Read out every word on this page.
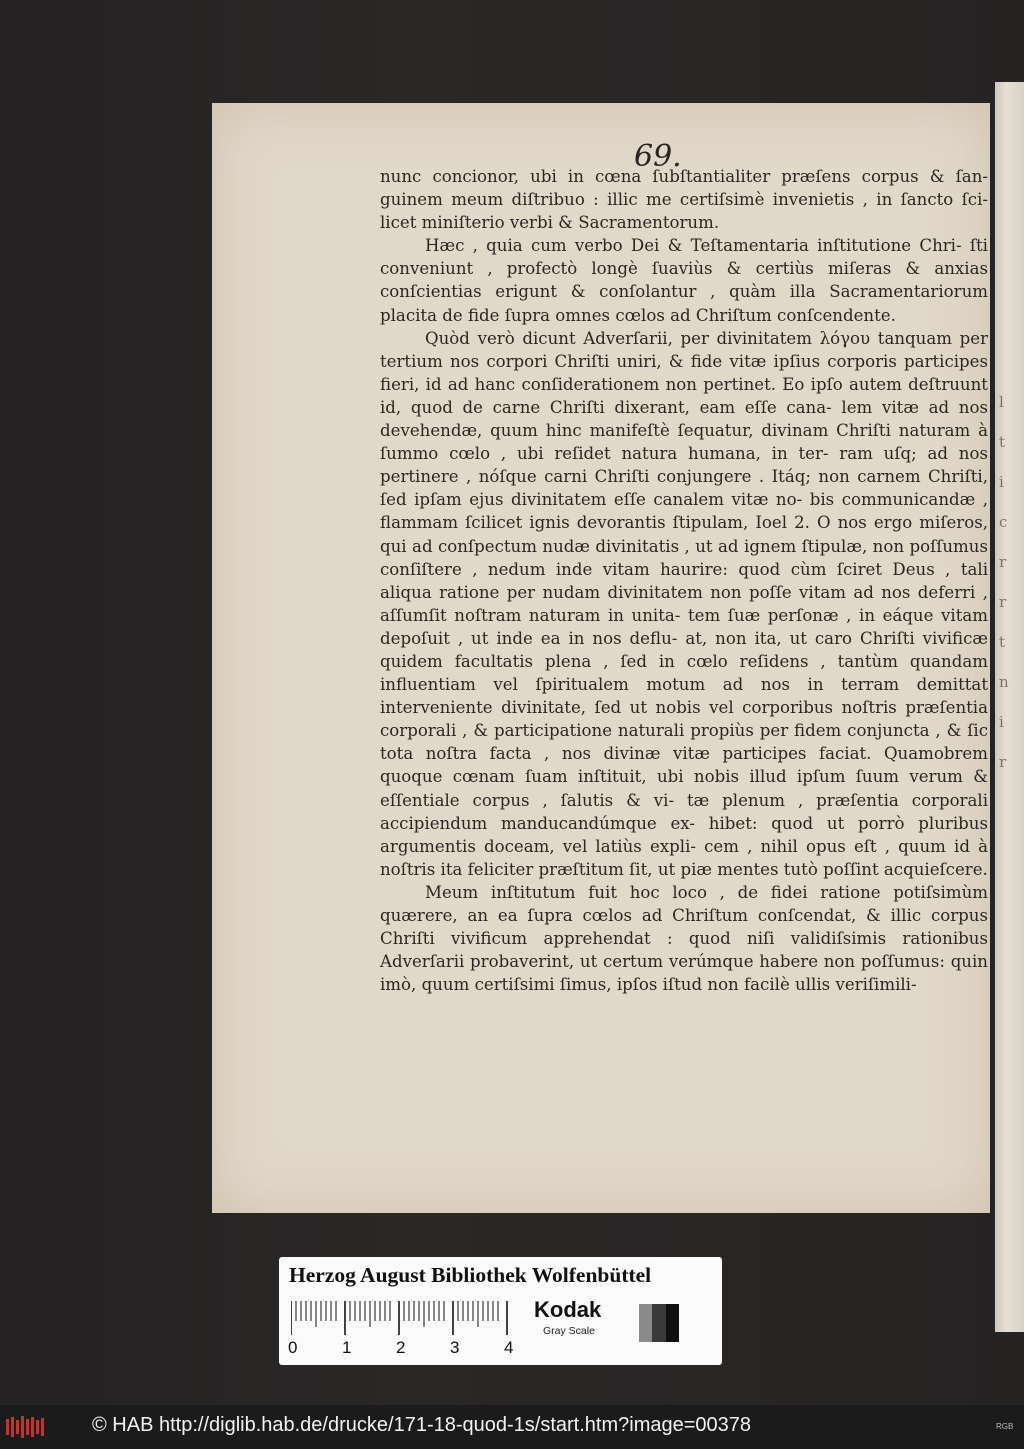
l
t
i
c
r
r
t
n
i
r
69.

nunc concionor, ubi in cœna ſubſtantialiter præſens corpus & ſan- guinem meum diſtribuo : illic me certiſsimè invenietis , in ſancto ſci- licet miniſterio verbi & Sacramentorum.

Hæc , quia cum verbo Dei & Teſtamentaria inſtitutione Chri- ſti conveniunt , profectò longè ſuaviùs & certiùs miſeras & anxias conſcientias erigunt & conſolantur , quàm illa Sacramentariorum placita de fide ſupra omnes cœlos ad Chriſtum conſcendente.

Quòd verò dicunt Adverſarii, per divinitatem λόγου tanquam per tertium nos corpori Chriſti uniri, & fide vitæ ipſius corporis participes fieri, id ad hanc conſiderationem non pertinet. Eo ipſo autem deſtruunt id, quod de carne Chriſti dixerant, eam eſſe cana- lem vitæ ad nos devehendæ, quum hinc manifeſtè ſequatur, divinam Chriſti naturam à ſummo cœlo , ubi reſidet natura humana, in ter- ram uſq; ad nos pertinere , nóſque carni Chriſti conjungere . Itáq; non carnem Chriſti, ſed ipſam ejus divinitatem eſſe canalem vitæ no- bis communicandæ , flammam ſcilicet ignis devorantis ſtipulam, Ioel 2. O nos ergo miſeros, qui ad conſpectum nudæ divinitatis , ut ad ignem ſtipulæ, non poſſumus conſiſtere , nedum inde vitam haurire: quod cùm ſciret Deus , tali aliqua ratione per nudam divinitatem non poſſe vitam ad nos deferri , aſſumſit noſtram naturam in unita- tem ſuæ perſonæ , in eáque vitam depoſuit , ut inde ea in nos deflu- at, non ita, ut caro Chriſti vivificæ quidem facultatis plena , ſed in cœlo reſidens , tantùm quandam influentiam vel ſpiritualem motum ad nos in terram demittat interveniente divinitate, ſed ut nobis vel corporibus noſtris præſentia corporali , & participatione naturali propiùs per fidem conjuncta , & ſic tota noſtra facta , nos divinæ vitæ participes faciat. Quamobrem quoque cœnam ſuam inſtituit, ubi nobis illud ipſum ſuum verum & eſſentiale corpus , ſalutis & vi- tæ plenum , præſentia corporali accipiendum manducandúmque ex- hibet: quod ut porrò pluribus argumentis doceam, vel latiùs expli- cem , nihil opus eſt , quum id à noſtris ita feliciter præſtitum ſit, ut piæ mentes tutò poſſint acquieſcere.

Meum inſtitutum fuit hoc loco , de fidei ratione potiſsimùm quærere, an ea ſupra cœlos ad Chriſtum conſcendat, & illic corpus Chriſti vivificum apprehendat : quod niſi validiſsimis rationibus Adverſarii probaverint, ut certum verúmque habere non poſſumus: quin imò, quum certiſsimi ſimus, ipſos iſtud non facilè ullis veriſimili-

Herzog August Bibliothek Wolfenbüttel
0	1	2	3	4
Kodak
Gray Scale
© HAB http://diglib.hab.de/drucke/171-18-quod-1s/start.htm?image=00378	RGB
